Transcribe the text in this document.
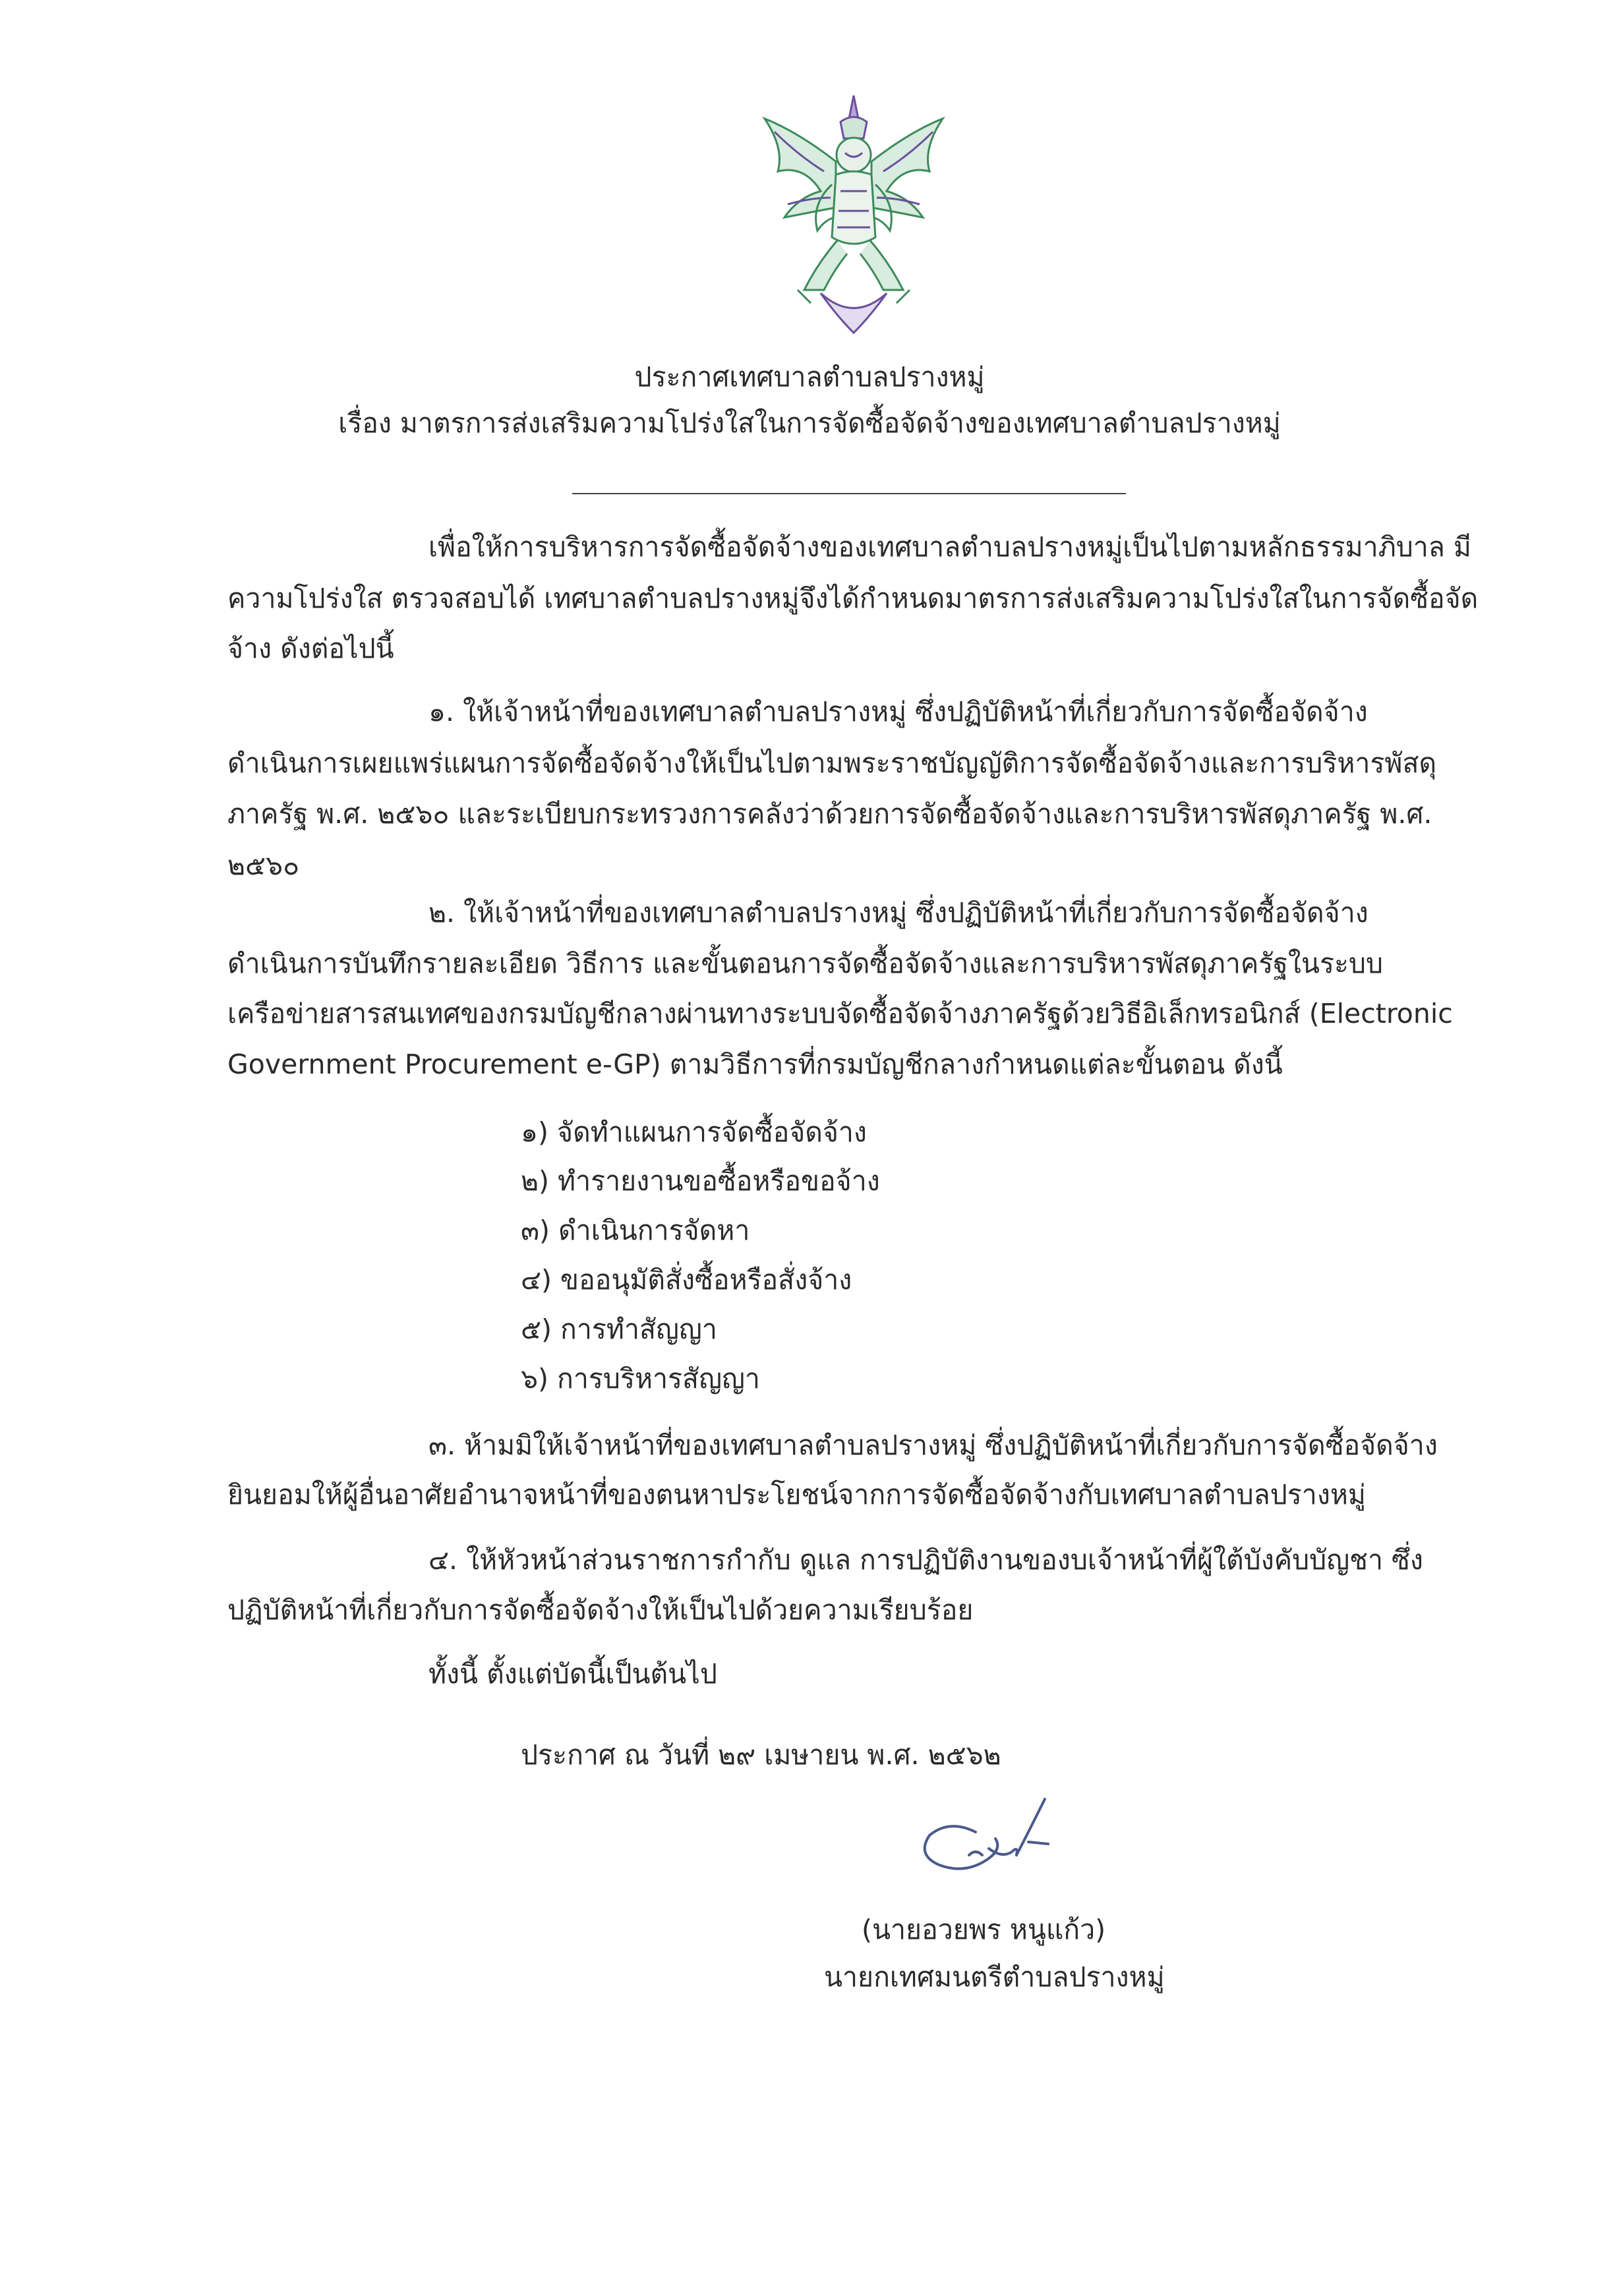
ประกาศเทศบาลตำบลปรางหมู่
เรื่อง มาตรการส่งเสริมความโปร่งใสในการจัดซื้อจัดจ้างของเทศบาลตำบลปรางหมู่
เพื่อให้การบริหารการจัดซื้อจัดจ้างของเทศบาลตำบลปรางหมู่เป็นไปตามหลักธรรมาภิบาล มี
ความโปร่งใส ตรวจสอบได้ เทศบาลตำบลปรางหมู่จึงได้กำหนดมาตรการส่งเสริมความโปร่งใสในการจัดซื้อจัด
จ้าง ดังต่อไปนี้
๑. ให้เจ้าหน้าที่ของเทศบาลตำบลปรางหมู่ ซึ่งปฏิบัติหน้าที่เกี่ยวกับการจัดซื้อจัดจ้าง
ดำเนินการเผยแพร่แผนการจัดซื้อจัดจ้างให้เป็นไปตามพระราชบัญญัติการจัดซื้อจัดจ้างและการบริหารพัสดุ
ภาครัฐ พ.ศ. ๒๕๖๐ และระเบียบกระทรวงการคลังว่าด้วยการจัดซื้อจัดจ้างและการบริหารพัสดุภาครัฐ พ.ศ.
๒๕๖๐
๒. ให้เจ้าหน้าที่ของเทศบาลตำบลปรางหมู่ ซึ่งปฏิบัติหน้าที่เกี่ยวกับการจัดซื้อจัดจ้าง
ดำเนินการบันทึกรายละเอียด วิธีการ และขั้นตอนการจัดซื้อจัดจ้างและการบริหารพัสดุภาครัฐในระบบ
เครือข่ายสารสนเทศของกรมบัญชีกลางผ่านทางระบบจัดซื้อจัดจ้างภาครัฐด้วยวิธีอิเล็กทรอนิกส์ (Electronic
Government Procurement e-GP) ตามวิธีการที่กรมบัญชีกลางกำหนดแต่ละขั้นตอน ดังนี้
๑) จัดทำแผนการจัดซื้อจัดจ้าง
๒) ทำรายงานขอซื้อหรือขอจ้าง
๓) ดำเนินการจัดหา
๔) ขออนุมัติสั่งซื้อหรือสั่งจ้าง
๕) การทำสัญญา
๖) การบริหารสัญญา
๓. ห้ามมิให้เจ้าหน้าที่ของเทศบาลตำบลปรางหมู่ ซึ่งปฏิบัติหน้าที่เกี่ยวกับการจัดซื้อจัดจ้าง
ยินยอมให้ผู้อื่นอาศัยอำนาจหน้าที่ของตนหาประโยชน์จากการจัดซื้อจัดจ้างกับเทศบาลตำบลปรางหมู่
๔. ให้หัวหน้าส่วนราชการกำกับ ดูแล การปฏิบัติงานของบเจ้าหน้าที่ผู้ใต้บังคับบัญชา ซึ่ง
ปฏิบัติหน้าที่เกี่ยวกับการจัดซื้อจัดจ้างให้เป็นไปด้วยความเรียบร้อย
ทั้งนี้ ตั้งแต่บัดนี้เป็นต้นไป
ประกาศ ณ วันที่ ๒๙ เมษายน พ.ศ. ๒๕๖๒
(นายอวยพร หนูแก้ว)
นายกเทศมนตรีตำบลปรางหมู่
